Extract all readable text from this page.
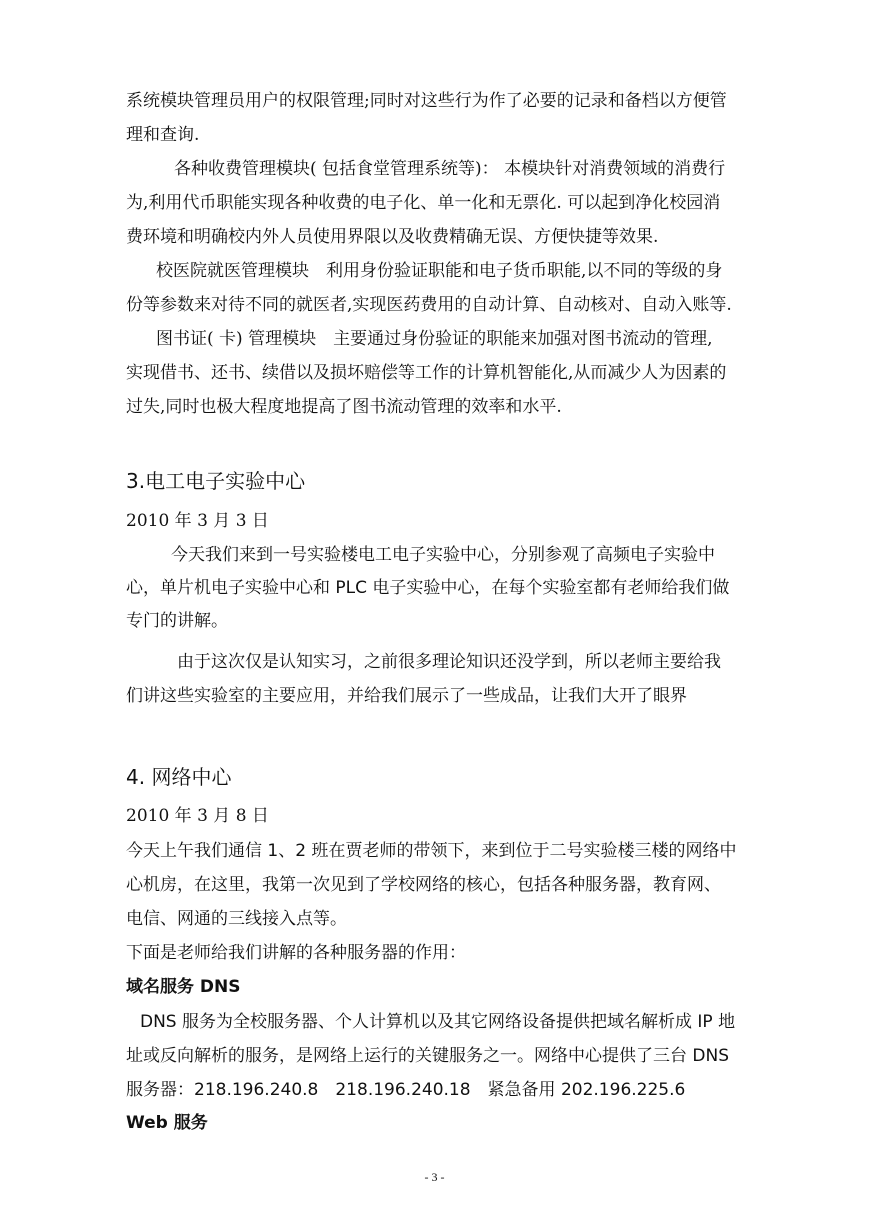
系统模块管理员用户的权限管理;同时对这些行为作了必要的记录和备档以方便管
理和查询.
各种收费管理模块( 包括食堂管理系统等)： 本模块针对消费领域的消费行
为,利用代币职能实现各种收费的电子化、单一化和无票化. 可以起到净化校园消
费环境和明确校内外人员使用界限以及收费精确无误、方便快捷等效果.
校医院就医管理模块　利用身份验证职能和电子货币职能,以不同的等级的身
份等参数来对待不同的就医者,实现医药费用的自动计算、自动核对、自动入账等.
图书证( 卡) 管理模块　主要通过身份验证的职能来加强对图书流动的管理,
实现借书、还书、续借以及损坏赔偿等工作的计算机智能化,从而减少人为因素的
过失,同时也极大程度地提高了图书流动管理的效率和水平.
3.电工电子实验中心
2010 年 3 月 3 日
今天我们来到一号实验楼电工电子实验中心，分别参观了高频电子实验中
心，单片机电子实验中心和 PLC 电子实验中心，在每个实验室都有老师给我们做
专门的讲解。
由于这次仅是认知实习，之前很多理论知识还没学到，所以老师主要给我
们讲这些实验室的主要应用，并给我们展示了一些成品，让我们大开了眼界
4. 网络中心
2010 年 3 月 8 日
今天上午我们通信 1、2 班在贾老师的带领下，来到位于二号实验楼三楼的网络中
心机房，在这里，我第一次见到了学校网络的核心，包括各种服务器，教育网、
电信、网通的三线接入点等。
下面是老师给我们讲解的各种服务器的作用：
域名服务 DNS
DNS 服务为全校服务器、个人计算机以及其它网络设备提供把域名解析成 IP 地
址或反向解析的服务，是网络上运行的关键服务之一。网络中心提供了三台 DNS
服务器：218.196.240.8　218.196.240.18　紧急备用 202.196.225.6
Web 服务
- 3 -
